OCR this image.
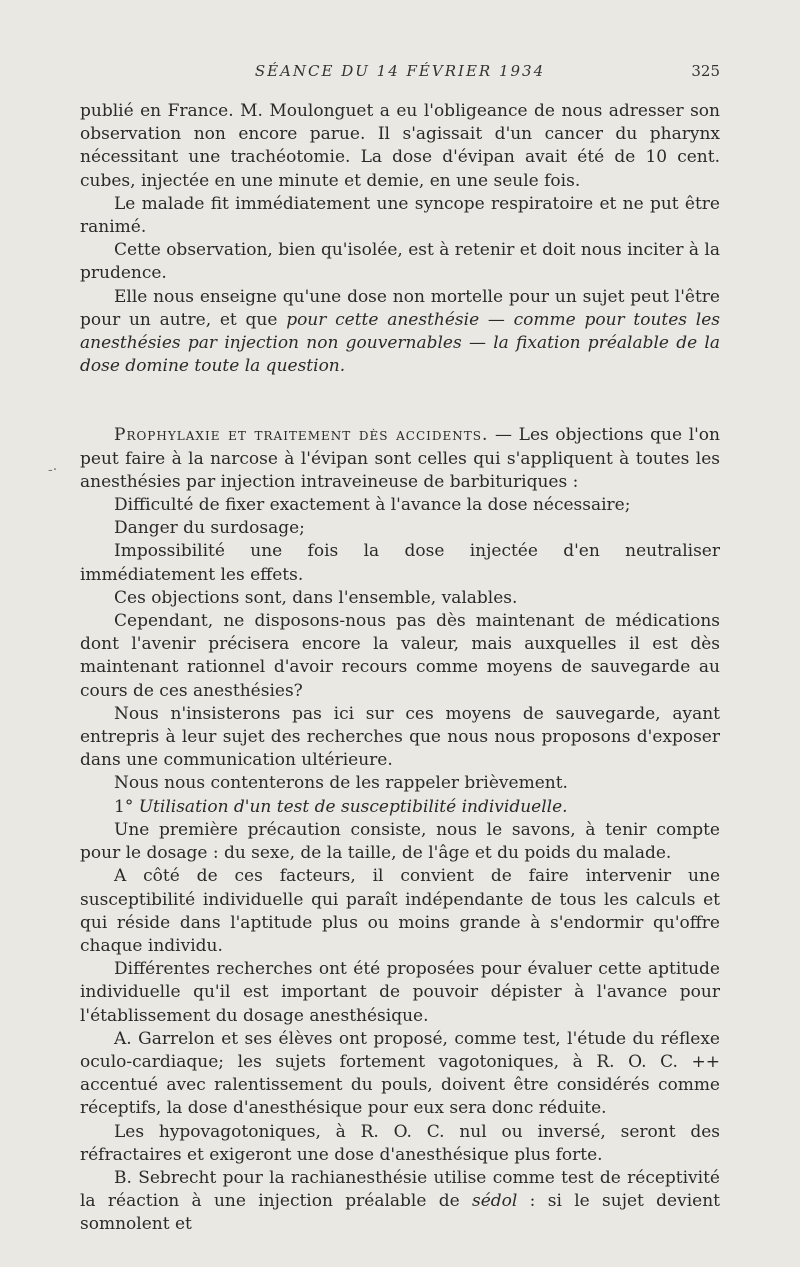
SÉANCE DU 14 FÉVRIER 1934	325
-·

publié en France. M. Moulonguet a eu l'obligeance de nous adresser son observation non encore parue. Il s'agissait d'un cancer du pharynx nécessitant une trachéotomie. La dose d'évipan avait été de 10 cent. cubes, injectée en une minute et demie, en une seule fois.

Le malade fit immédiatement une syncope respiratoire et ne put être ranimé.

Cette observation, bien qu'isolée, est à retenir et doit nous inciter à la prudence.

Elle nous enseigne qu'une dose non mortelle pour un sujet peut l'être pour un autre, et que pour cette anesthésie — comme pour toutes les anesthésies par injection non gouvernables — la fixation préalable de la dose domine toute la question.

Prophylaxie et traitement dès accidents. — Les objections que l'on peut faire à la narcose à l'évipan sont celles qui s'appliquent à toutes les anesthésies par injection intraveineuse de barbituriques :

Difficulté de fixer exactement à l'avance la dose nécessaire;

Danger du surdosage;

Impossibilité une fois la dose injectée d'en neutraliser immédiatement les effets.

Ces objections sont, dans l'ensemble, valables.

Cependant, ne disposons-nous pas dès maintenant de médications dont l'avenir précisera encore la valeur, mais auxquelles il est dès maintenant rationnel d'avoir recours comme moyens de sauvegarde au cours de ces anesthésies?

Nous n'insisterons pas ici sur ces moyens de sauvegarde, ayant entrepris à leur sujet des recherches que nous nous proposons d'exposer dans une communication ultérieure.

Nous nous contenterons de les rappeler brièvement.

1° Utilisation d'un test de susceptibilité individuelle.

Une première précaution consiste, nous le savons, à tenir compte pour le dosage : du sexe, de la taille, de l'âge et du poids du malade.

A côté de ces facteurs, il convient de faire intervenir une susceptibilité individuelle qui paraît indépendante de tous les calculs et qui réside dans l'aptitude plus ou moins grande à s'endormir qu'offre chaque individu.

Différentes recherches ont été proposées pour évaluer cette aptitude individuelle qu'il est important de pouvoir dépister à l'avance pour l'établissement du dosage anesthésique.

A. Garrelon et ses élèves ont proposé, comme test, l'étude du réflexe oculo-cardiaque; les sujets fortement vagotoniques, à R. O. C. ++ accentué avec ralentissement du pouls, doivent être considérés comme réceptifs, la dose d'anesthésique pour eux sera donc réduite.

Les hypovagotoniques, à R. O. C. nul ou inversé, seront des réfractaires et exigeront une dose d'anesthésique plus forte.

B. Sebrecht pour la rachianesthésie utilise comme test de réceptivité la réaction à une injection préalable de sédol : si le sujet devient somnolent et
